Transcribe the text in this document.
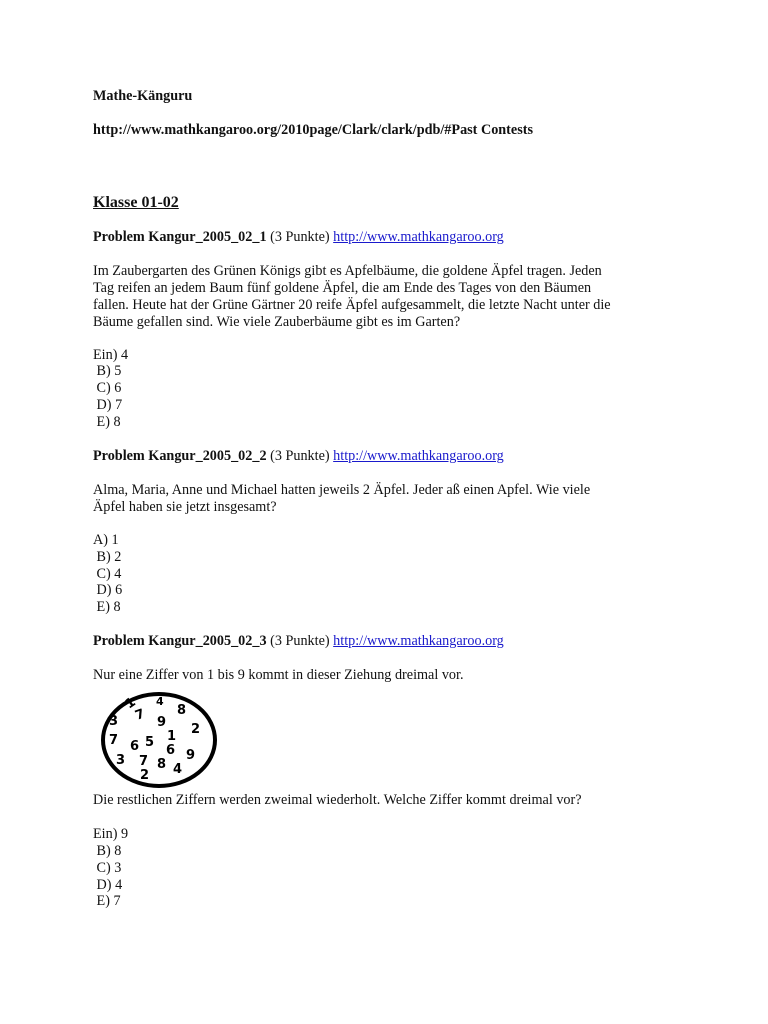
Mathe-Känguru
http://www.mathkangaroo.org/2010page/Clark/clark/pdb/#Past Contests
Klasse 01-02
Problem Kangur_2005_02_1 (3 Punkte) http://www.mathkangaroo.org
Im Zaubergarten des Grünen Königs gibt es Apfelbäume, die goldene Äpfel tragen. Jeden
Tag reifen an jedem Baum fünf goldene Äpfel, die am Ende des Tages von den Bäumen
fallen. Heute hat der Grüne Gärtner 20 reife Äpfel aufgesammelt, die letzte Nacht unter die
Bäume gefallen sind. Wie viele Zauberbäume gibt es im Garten?
Ein) 4
B) 5
C) 6
D) 7
E) 8
Problem Kangur_2005_02_2 (3 Punkte) http://www.mathkangaroo.org
Alma, Maria, Anne und Michael hatten jeweils 2 Äpfel. Jeder aß einen Apfel. Wie viele
Äpfel haben sie jetzt insgesamt?
A) 1
B) 2
C) 4
D) 6
E) 8
Problem Kangur_2005_02_3 (3 Punkte) http://www.mathkangaroo.org
Nur eine Ziffer von 1 bis 9 kommt in dieser Ziehung dreimal vor.
1 4
8
3 7 9 2
7 6 5 1
6 9
3 7 8 4
2
Die restlichen Ziffern werden zweimal wiederholt. Welche Ziffer kommt dreimal vor?
Ein) 9
B) 8
C) 3
D) 4
E) 7
